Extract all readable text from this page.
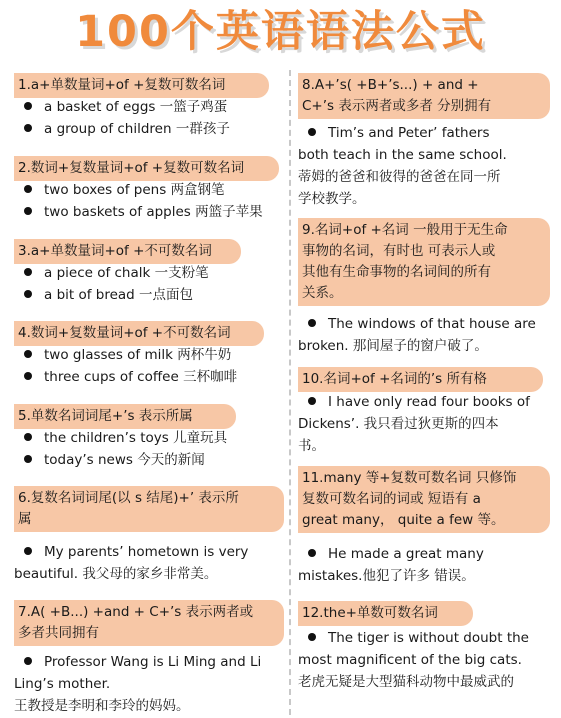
100个英语语法公式
1.a+单数量词+of +复数可数名词
a basket of eggs 一篮子鸡蛋
a group of children 一群孩子
2.数词+复数量词+of +复数可数名词
two boxes of pens 两盒钢笔
two baskets of apples 两篮子苹果
3.a+单数量词+of +不可数名词
a piece of chalk 一支粉笔
a bit of bread 一点面包
4.数词+复数量词+of +不可数名词
two glasses of milk 两杯牛奶
three cups of coffee 三杯咖啡
5.单数名词词尾+’s 表示所属
the children’s toys 儿童玩具
today’s news 今天的新闻
6.复数名词词尾(以 s 结尾)+’ 表示所
属
My parents’ hometown is very
beautiful. 我父母的家乡非常美。
7.A( +B...) +and + C+’s 表示两者或
多者共同拥有
Professor Wang is Li Ming and Li
Ling’s mother.
王教授是李明和李玲的妈妈。
8.A+’s( +B+’s...) + and +
C+’s 表示两者或多者 分别拥有
Tim’s and Peter’ fathers
both teach in the same school.
蒂姆的爸爸和彼得的爸爸在同一所
学校教学。
9.名词+of +名词 一般用于无生命
事物的名词，有时也 可表示人或
其他有生命事物的名词间的所有
关系。
The windows of that house are
broken. 那间屋子的窗户破了。
10.名词+of +名词的’s 所有格
I have only read four books of
Dickens’. 我只看过狄更斯的四本
书。
11.many 等+复数可数名词 只修饰
复数可数名词的词或 短语有 a
great many， quite a few 等。
He made a great many
mistakes.他犯了许多 错误。
12.the+单数可数名词
The tiger is without doubt the
most magnificent of the big cats.
老虎无疑是大型猫科动物中最威武的
